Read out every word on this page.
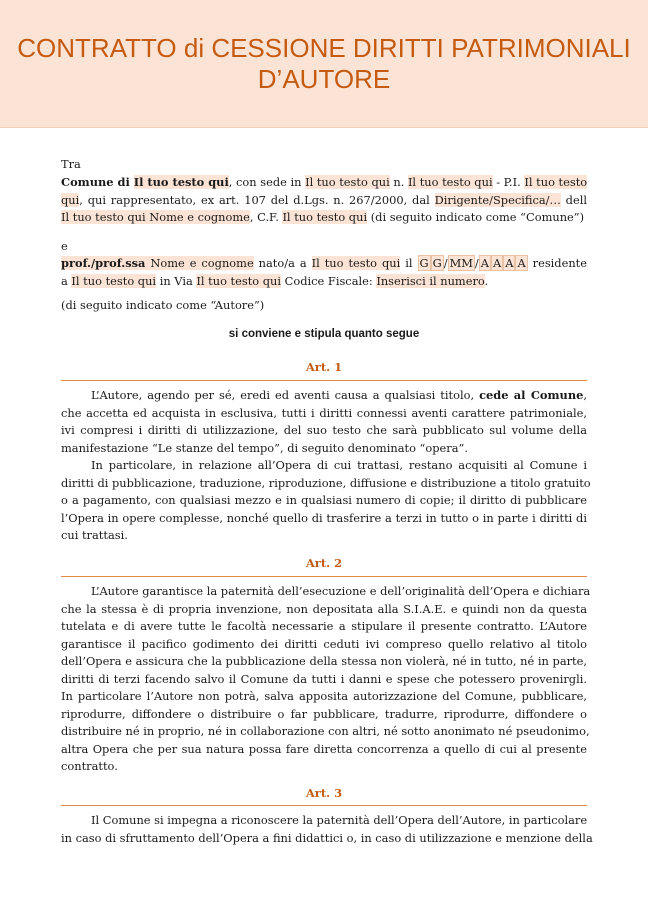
CONTRATTO di CESSIONE DIRITTI PATRIMONIALI
D’AUTORE
Tra
Comune di Il tuo testo qui, con sede in Il tuo testo qui n. Il tuo testo qui - P.I. Il tuo testo
qui, qui rappresentato, ex art. 107 del d.Lgs. n. 267/2000, dal Dirigente/Specifica/… dell
Il tuo testo qui Nome e cognome, C.F. Il tuo testo qui (di seguito indicato come “Comune”)
e
prof./prof.ssa Nome e cognome nato/a a Il tuo testo qui il G G / MM / A A A A residente
a Il tuo testo qui in Via Il tuo testo qui Codice Fiscale: Inserisci il numero.
(di seguito indicato come “Autore”)
si conviene e stipula quanto segue
Art. 1
L’Autore, agendo per sé, eredi ed aventi causa a qualsiasi titolo, cede al Comune,
che accetta ed acquista in esclusiva, tutti i diritti connessi aventi carattere patrimoniale,
ivi compresi i diritti di utilizzazione, del suo testo che sarà pubblicato sul volume della
manifestazione “Le stanze del tempo”, di seguito denominato “opera”.
In particolare, in relazione all’Opera di cui trattasi, restano acquisiti al Comune i
diritti di pubblicazione, traduzione, riproduzione, diffusione e distribuzione a titolo gratuito
o a pagamento, con qualsiasi mezzo e in qualsiasi numero di copie; il diritto di pubblicare
l’Opera in opere complesse, nonché quello di trasferire a terzi in tutto o in parte i diritti di
cui trattasi.
Art. 2
L’Autore garantisce la paternità dell’esecuzione e dell’originalità dell’Opera e dichiara
che la stessa è di propria invenzione, non depositata alla S.I.A.E. e quindi non da questa
tutelata e di avere tutte le facoltà necessarie a stipulare il presente contratto. L’Autore
garantisce il pacifico godimento dei diritti ceduti ivi compreso quello relativo al titolo
dell’Opera e assicura che la pubblicazione della stessa non violerà, né in tutto, né in parte,
diritti di terzi facendo salvo il Comune da tutti i danni e spese che potessero provenirgli.
In particolare l’Autore non potrà, salva apposita autorizzazione del Comune, pubblicare,
riprodurre, diffondere o distribuire o far pubblicare, tradurre, riprodurre, diffondere o
distribuire né in proprio, né in collaborazione con altri, né sotto anonimato né pseudonimo,
altra Opera che per sua natura possa fare diretta concorrenza a quello di cui al presente
contratto.
Art. 3
Il Comune si impegna a riconoscere la paternità dell’Opera dell’Autore, in particolare
in caso di sfruttamento dell’Opera a fini didattici o, in caso di utilizzazione e menzione della
